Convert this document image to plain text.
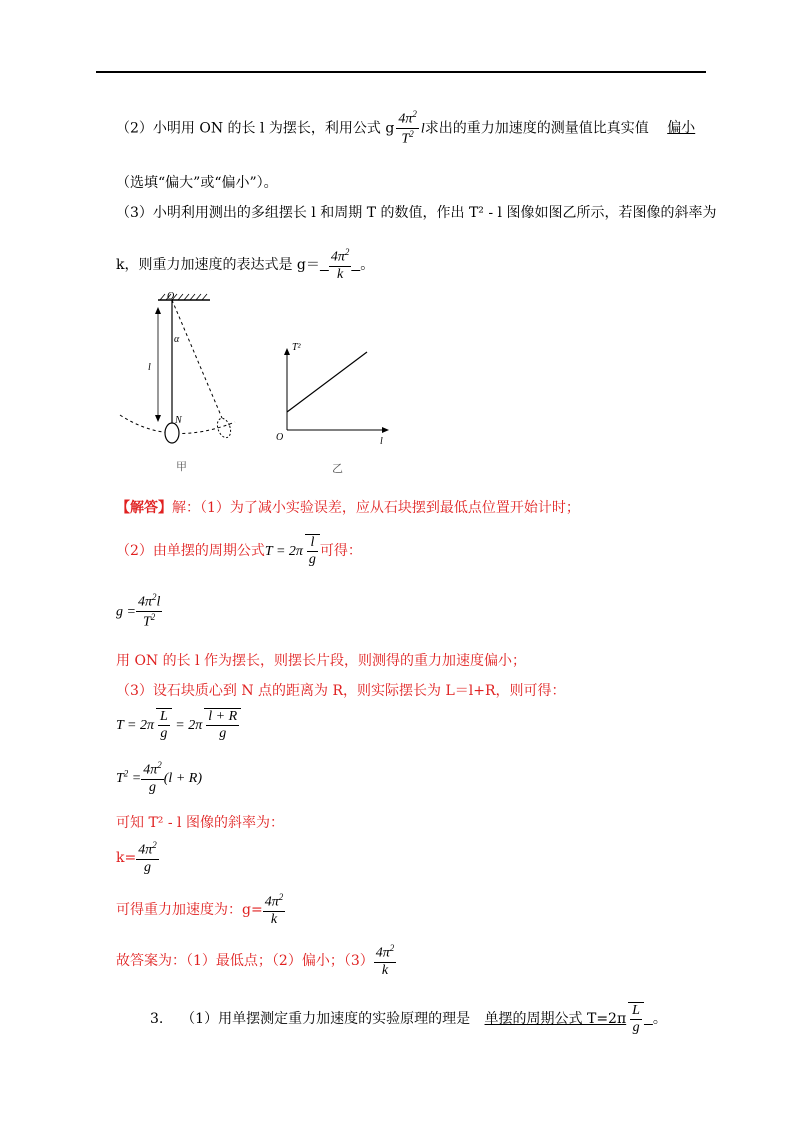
（2）小明用 ON 的长 l 为摆长，利用公式 g $\frac{4\pi^2}{T^2}$ l求出的重力加速度的测量值比真实值 偏小
（选填“偏大”或“偏小”）。
（3）小明利用测出的多组摆长 l 和周期 T 的数值，作出 T² - l 图像如图乙所示，若图像的斜率为
k，则重力加速度的表达式是 $g= \frac{4\pi^2}{k}$ 。
O
α
l
N
甲
T²
O	l
乙
【解答】解：（1）为了减小实验误差，应从石块摆到最低点位置开始计时；
（2）由单摆的周期公式$T = 2\pi \frac{l}{g}$ 可得：
$g = \frac{4\pi^2l}{T^2}$
用 ON 的长 l 作为摆长，则摆长片段，则测得的重力加速度偏小；
（3）设石块质心到 N 点的距离为 R，则实际摆长为 L＝l+R，则可得：
$T = 2\pi \frac{L}{g} = 2\pi \frac{l + R}{g}$
$T^2 = \frac{4\pi^2}{g} (l + R)$
可知 T² - l 图像的斜率为：
$k= \frac{4\pi^2}{g}$
可得重力加速度为：$g= \frac{4\pi^2}{k}$
故答案为：（1）最低点；（2）偏小；$(3) \frac{4\pi^2}{k}$
3. （1）用单摆测定重力加速度的实验原理的理是 单摆的周期公式 $T=2\pi \frac{L}{g}$ 。
